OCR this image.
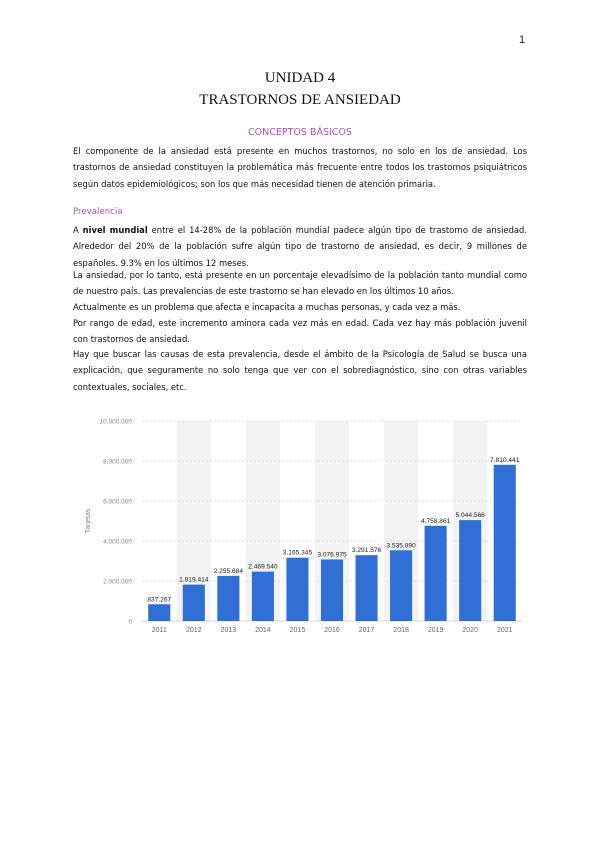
1
UNIDAD 4
TRASTORNOS DE ANSIEDAD
CONCEPTOS BÁSICOS
El componente de la ansiedad está presente en muchos trastornos, no solo en los de ansiedad. Los trastornos de ansiedad constituyen la problemática más frecuente entre todos los trastornos psiquiátricos según datos epidemiológicos; son los que más necesidad tienen de atención primaria.
Prevalencia
A nivel mundial entre el 14-28% de la población mundial padece algún tipo de trastorno de ansiedad. Alrededor del 20% de la población sufre algún tipo de trastorno de ansiedad, es decir, 9 millones de españoles. 9.3% en los últimos 12 meses.
La ansiedad, por lo tanto, está presente en un porcentaje elevadísimo de la población tanto mundial como de nuestro país. Las prevalencias de este trastorno se han elevado en los últimos 10 años.
Actualmente es un problema que afecta e incapacita a muchas personas, y cada vez a más.
Por rango de edad, este incremento aminora cada vez más en edad. Cada vez hay más población juvenil con trastornos de ansiedad.
Hay que buscar las causas de esta prevalencia, desde el ámbito de la Psicología de Salud se busca una explicación, que seguramente no solo tenga que ver con el sobrediagnóstico, sino con otras variables contextuales, sociales, etc.
0
2.000.000
4.000.000
6.000.000
8.000.000
10.000.000
Tarjetas
837.267
2011
1.819.414
2012
2.255.684
2013
2.469.540
2014
3.165.345
2015
3.076.975
2016
3.291.576
2017
3.535.890
2018
4.758.861
2019
5.044.566
2020
7.810.441
2021
